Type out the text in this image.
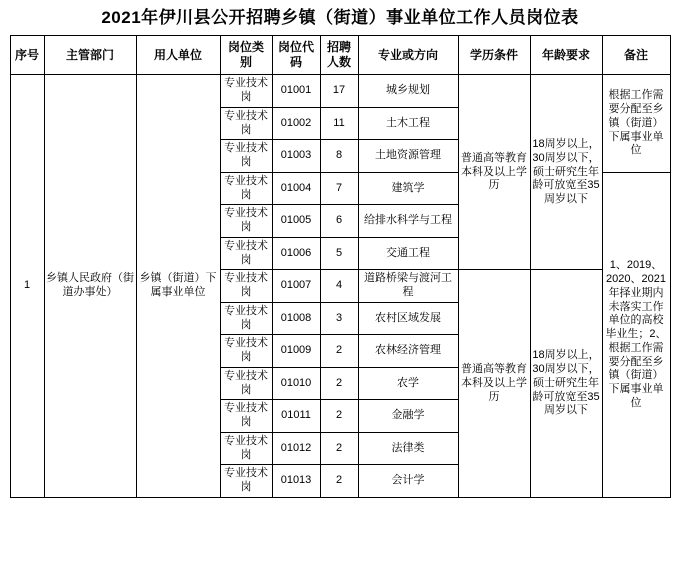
2021年伊川县公开招聘乡镇（街道）事业单位工作人员岗位表
序号	主管部门	用人单位	岗位类别	岗位代码	招聘人数	专业或方向	学历条件	年龄要求	备注
1	乡镇人民政府（街道办事处）	乡镇（街道）下属事业单位	专业技术岗	01001	17	城乡规划	普通高等教育本科及以上学历	18周岁以上，30周岁以下，硕士研究生年龄可放宽至35周岁以下	根据工作需要分配至乡镇（街道）下属事业单位
			专业技术岗	01002	11	土木工程			
			专业技术岗	01003	8	土地资源管理			
			专业技术岗	01004	7	建筑学			1、2019、2020、2021年择业期内未落实工作单位的高校毕业生；2、根据工作需要分配至乡镇（街道）下属事业单位
			专业技术岗	01005	6	给排水科学与工程			
			专业技术岗	01006	5	交通工程			
			专业技术岗	01007	4	道路桥梁与渡河工程	普通高等教育本科及以上学历	18周岁以上，30周岁以下，硕士研究生年龄可放宽至35周岁以下	
			专业技术岗	01008	3	农村区域发展			
			专业技术岗	01009	2	农林经济管理			
			专业技术岗	01010	2	农学			
			专业技术岗	01011	2	金融学			
			专业技术岗	01012	2	法律类			
			专业技术岗	01013	2	会计学			
